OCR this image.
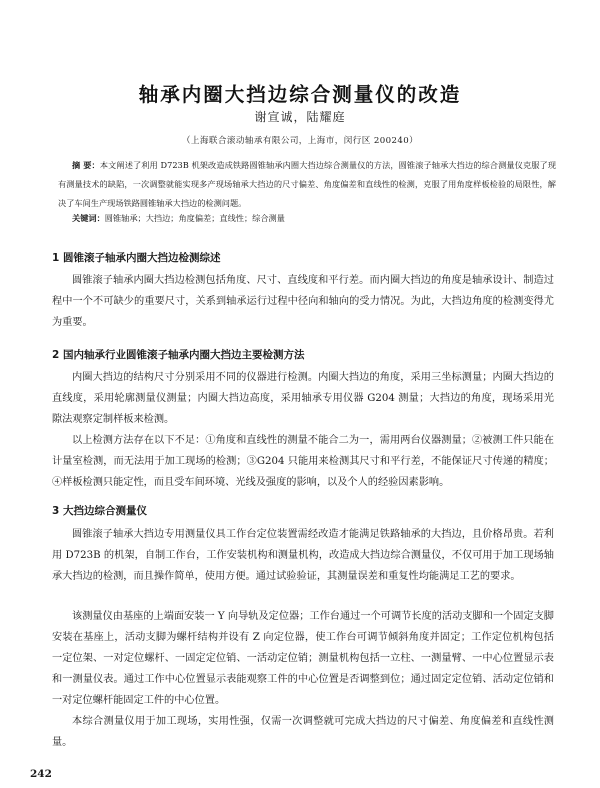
轴承内圈大挡边综合测量仪的改造
谢宣诚，陆耀庭
（上海联合滚动轴承有限公司，上海市，闵行区 200240）

摘 要：本文阐述了利用 D723B 机架改造成铁路圆锥轴承内圈大挡边综合测量仪的方法，圆锥滚子轴承大挡边的综合测量仪克服了现有测量技术的缺陷，一次调整就能实现多产现场轴承大挡边的尺寸偏差、角度偏差和直线性的检测，克服了用角度样板检验的局限性，解决了车间生产现场铁路圆锥轴承大挡边的检测问题。

关键词：圆锥轴承；大挡边；角度偏差；直线性；综合测量

1 圆锥滚子轴承内圈大挡边检测综述

圆锥滚子轴承内圈大挡边检测包括角度、尺寸、直线度和平行差。而内圈大挡边的角度是轴承设计、制造过程中一个不可缺少的重要尺寸，关系到轴承运行过程中径向和轴向的受力情况。为此，大挡边角度的检测变得尤为重要。

2 国内轴承行业圆锥滚子轴承内圈大挡边主要检测方法

内圈大挡边的结构尺寸分别采用不同的仪器进行检测。内圈大挡边的角度，采用三坐标测量；内圈大挡边的直线度，采用轮廓测量仪测量；内圈大挡边高度，采用轴承专用仪器 G204 测量；大挡边的角度，现场采用光隙法观察定制样板来检测。

以上检测方法存在以下不足：①角度和直线性的测量不能合二为一，需用两台仪器测量；②被测工件只能在计量室检测，而无法用于加工现场的检测；③G204 只能用来检测其尺寸和平行差，不能保证尺寸传递的精度；④样板检测只能定性，而且受车间环境、光线及强度的影响，以及个人的经验因素影响。

3 大挡边综合测量仪

圆锥滚子轴承大挡边专用测量仪具工作台定位装置需经改造才能满足铁路轴承的大挡边，且价格昂贵。若利用 D723B 的机架，自制工作台，工作安装机构和测量机构，改造成大挡边综合测量仪，不仅可用于加工现场轴承大挡边的检测，而且操作简单，使用方便。通过试验验证，其测量误差和重复性均能满足工艺的要求。

该测量仪由基座的上端面安装一 Y 向导轨及定位器；工作台通过一个可调节长度的活动支脚和一个固定支脚安装在基座上，活动支脚为螺杆结构并设有 Z 向定位器，使工作台可调节倾斜角度并固定；工作定位机构包括一定位架、一对定位螺杆、一固定定位销、一活动定位销；测量机构包括一立柱、一测量臂、一中心位置显示表和一测量仪表。通过工作中心位置显示表能观察工件的中心位置是否调整到位；通过固定定位销、活动定位销和一对定位螺杆能固定工件的中心位置。

本综合测量仪用于加工现场，实用性强，仅需一次调整就可完成大挡边的尺寸偏差、角度偏差和直线性测量。

242
